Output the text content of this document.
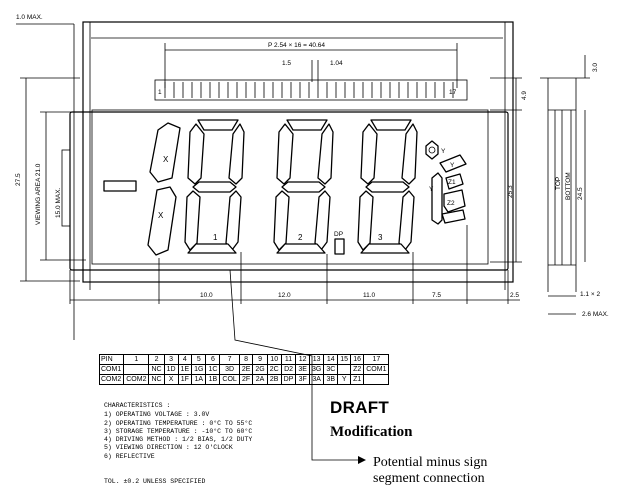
1.0 MAX.
P 2.54 × 16 = 40.64
1.5	1.04
1	17
27.5 VIEWING AREA 21.0 15.0 MAX.
4.9
25.3
X
X
1	2	DP	3
Y
Y
Y
Z1
Z2
10.0	12.0	11.0	7.5	2.5
3.0
24.5
TOP BOTTOM
1.1 × 2
2.6 MAX.
PIN	1	2	3	4	5	6	7	8	9	10	11	12	13	14	15	16	17
COM1		NC	1D	1E	1G	1C	3D	2E	2G	2C	D2	3E	3G	3C		Z2	COM1
COM2	COM2	NC	X	1F	1A	1B	COL	2F	2A	2B	DP	3F	3A	3B	Y	Z1	
CHARACTERISTICS :
1) OPERATING VOLTAGE : 3.0V
2) OPERATING TEMPERATURE : 0°C TO 55°C
3) STORAGE TEMPERATURE : -10°C TO 60°C
4) DRIVING METHOD : 1/2 BIAS, 1/2 DUTY
5) VIEWING DIRECTION : 12 O'CLOCK
6) REFLECTIVE
TOL. ±0.2 UNLESS SPECIFIED
DRAFT
Modification
Potential minus sign
segment connection
